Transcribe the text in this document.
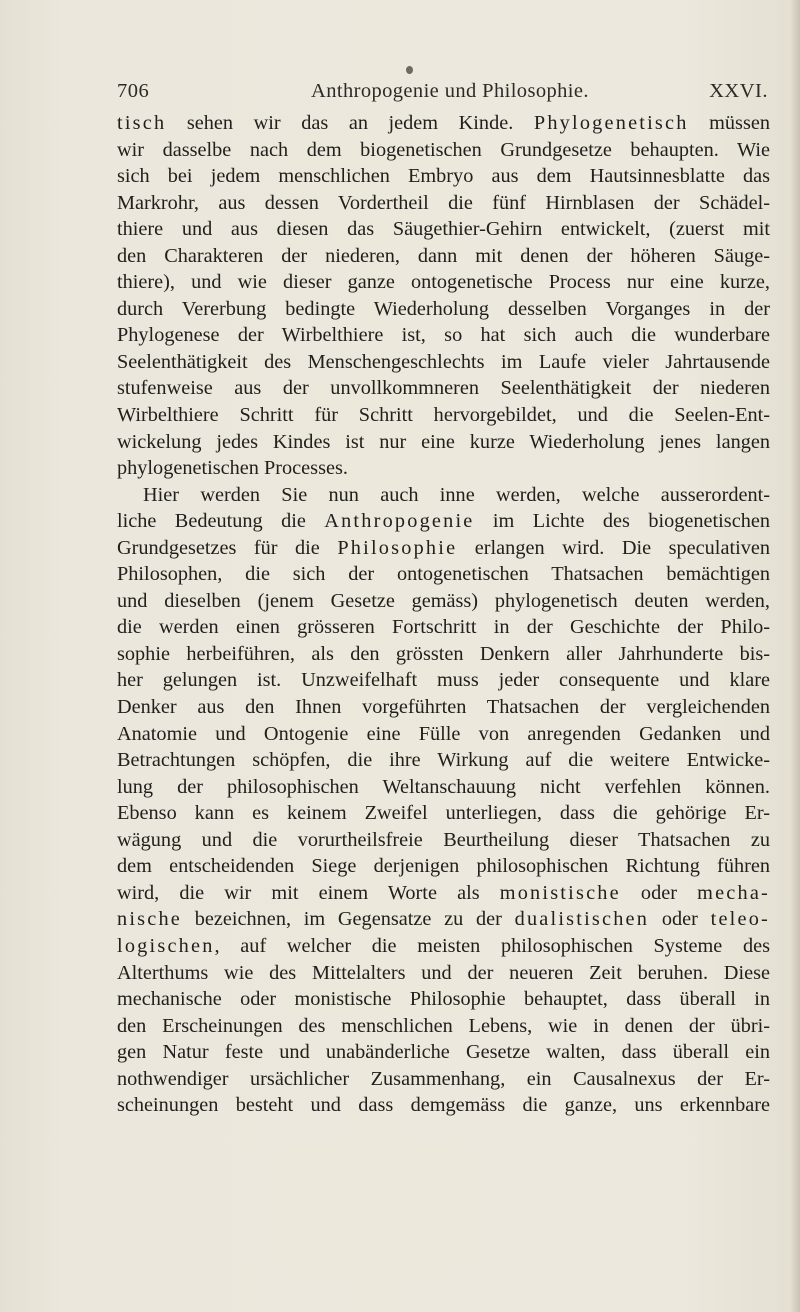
706	Anthropogenie und Philosophie.	XXVI.
tisch sehen wir das an jedem Kinde. Phylogenetisch müssen
wir dasselbe nach dem biogenetischen Grundgesetze behaupten. Wie
sich bei jedem menschlichen Embryo aus dem Hautsinnesblatte das
Markrohr, aus dessen Vordertheil die fünf Hirnblasen der Schädel-
thiere und aus diesen das Säugethier-Gehirn entwickelt, (zuerst mit
den Charakteren der niederen, dann mit denen der höheren Säuge-
thiere), und wie dieser ganze ontogenetische Process nur eine kurze,
durch Vererbung bedingte Wiederholung desselben Vorganges in der
Phylogenese der Wirbelthiere ist, so hat sich auch die wunderbare
Seelenthätigkeit des Menschengeschlechts im Laufe vieler Jahrtausende
stufenweise aus der unvollkommneren Seelenthätigkeit der niederen
Wirbelthiere Schritt für Schritt hervorgebildet, und die Seelen-Ent-
wickelung jedes Kindes ist nur eine kurze Wiederholung jenes langen
phylogenetischen Processes.
Hier werden Sie nun auch inne werden, welche ausserordent-
liche Bedeutung die Anthropogenie im Lichte des biogenetischen
Grundgesetzes für die Philosophie erlangen wird. Die speculativen
Philosophen, die sich der ontogenetischen Thatsachen bemächtigen
und dieselben (jenem Gesetze gemäss) phylogenetisch deuten werden,
die werden einen grösseren Fortschritt in der Geschichte der Philo-
sophie herbeiführen, als den grössten Denkern aller Jahrhunderte bis-
her gelungen ist. Unzweifelhaft muss jeder consequente und klare
Denker aus den Ihnen vorgeführten Thatsachen der vergleichenden
Anatomie und Ontogenie eine Fülle von anregenden Gedanken und
Betrachtungen schöpfen, die ihre Wirkung auf die weitere Entwicke-
lung der philosophischen Weltanschauung nicht verfehlen können.
Ebenso kann es keinem Zweifel unterliegen, dass die gehörige Er-
wägung und die vorurtheilsfreie Beurtheilung dieser Thatsachen zu
dem entscheidenden Siege derjenigen philosophischen Richtung führen
wird, die wir mit einem Worte als monistische oder mecha-
nische bezeichnen, im Gegensatze zu der dualistischen oder teleo-
logischen, auf welcher die meisten philosophischen Systeme des
Alterthums wie des Mittelalters und der neueren Zeit beruhen. Diese
mechanische oder monistische Philosophie behauptet, dass überall in
den Erscheinungen des menschlichen Lebens, wie in denen der übri-
gen Natur feste und unabänderliche Gesetze walten, dass überall ein
nothwendiger ursächlicher Zusammenhang, ein Causalnexus der Er-
scheinungen besteht und dass demgemäss die ganze, uns erkennbare
